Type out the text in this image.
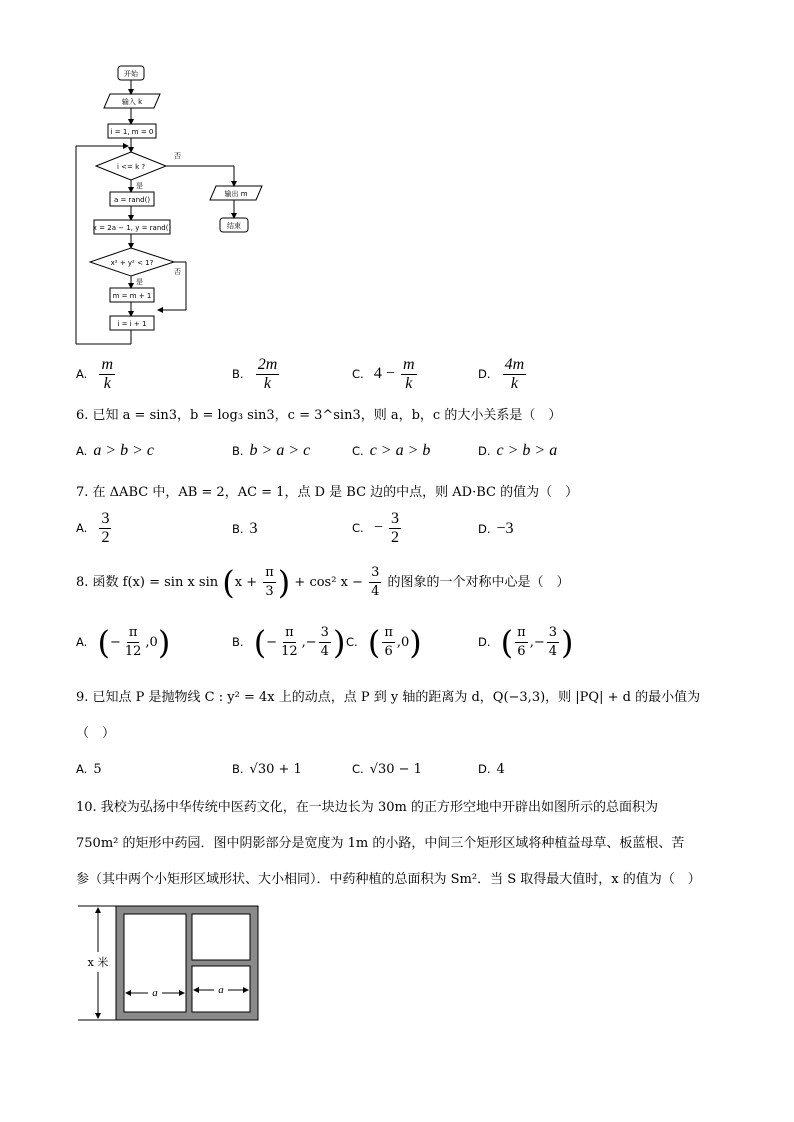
开始
输入 k
i = 1, m = 0
i <= k ?
否
是
a = rand()
x = 2a − 1, y = rand()
x² + y² < 1?
否
是
m = m + 1
i = i + 1
输出 m
结束
A. $\frac{m}{k}$	B. $\frac{2m}{k}$	C. $4 - \frac{m}{k}$	D. $\frac{4m}{k}$
6. 已知 a = sin3，b = log₃ sin3，c = 3^sin3，则 a，b，c 的大小关系是（　）
A. a > b > c	B. b > a > c	C. c > a > b	D. c > b > a
7. 在 ΔABC 中，AB = 2，AC = 1，点 D 是 BC 边的中点，则 AD·BC 的值为（　）
A. $\frac{3}{2}$	B. 3	C. − $\frac{3}{2}$	D. −3
8. 函数 f(x) = sin x $\sin (x + \frac{\pi}{3}$ ) + cos² $x - \frac{3}{4}$ 的图象的一个对称中心是（　）
A. (− $\frac{\pi}{12} ,0$)	B. (− $\frac{\pi}{12}$ ,− $\frac{3}{4}$ ) C. ( $\frac{\pi}{6} ,0$)	D. ( $\frac{\pi}{6}$ ,− $\frac{3}{4}$ )
9. 已知点 P 是抛物线 C : y² = 4x 上的动点，点 P 到 y 轴的距离为 d，Q(−3,3)，则 |PQ| + d 的最小值为
（　）
A. 5	B. √30 + 1	C. √30 − 1	D. 4
10. 我校为弘扬中华传统中医药文化，在一块边长为 30m 的正方形空地中开辟出如图所示的总面积为
750m² 的矩形中药园．图中阴影部分是宽度为 1m 的小路，中间三个矩形区域将种植益母草、板蓝根、苦
参（其中两个小矩形区域形状、大小相同）．中药种植的总面积为 Sm²．当 S 取得最大值时，x 的值为（　）
x 米
a	a
